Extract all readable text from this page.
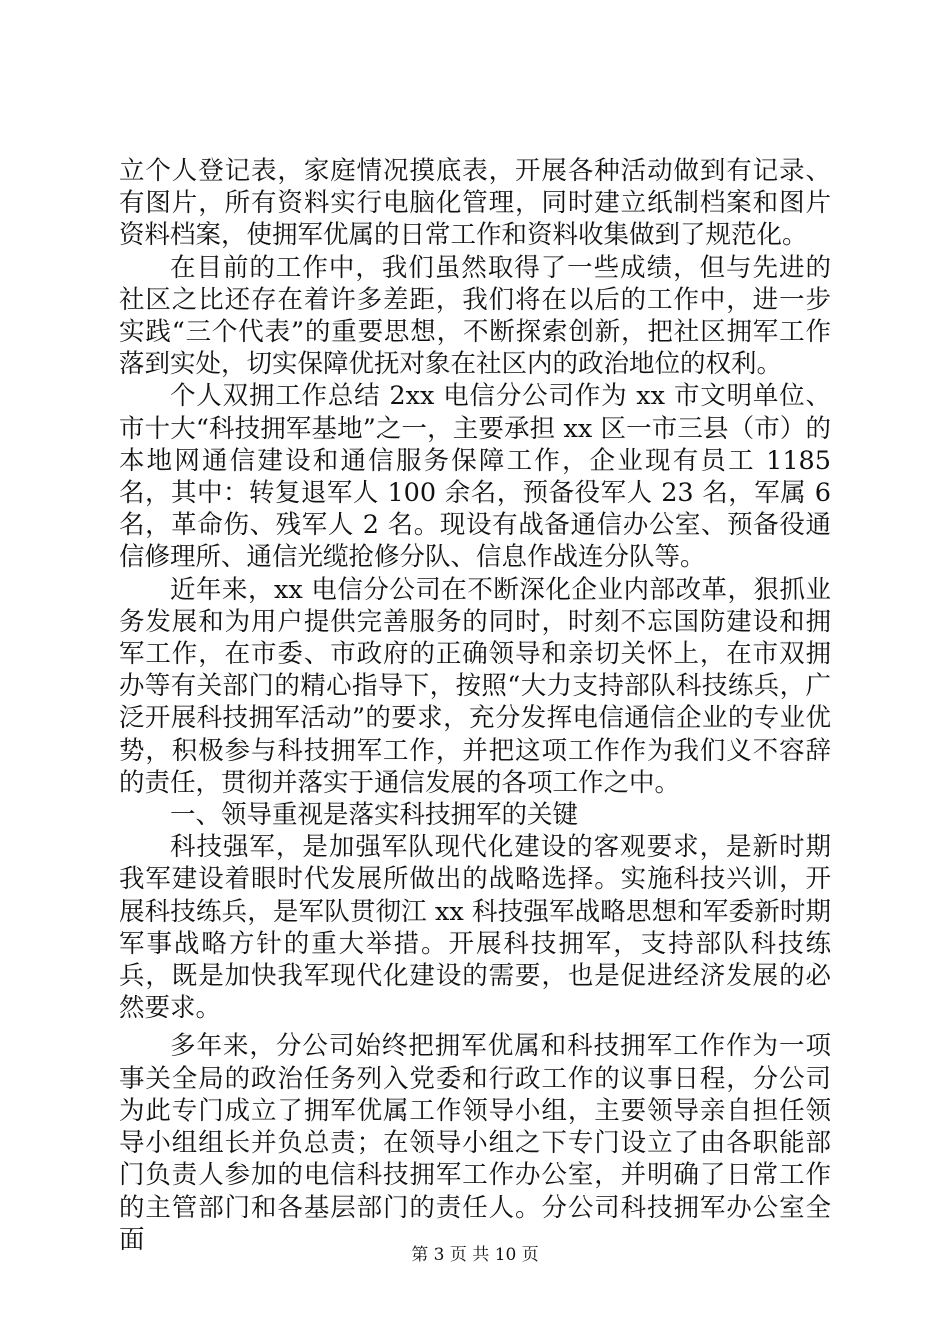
立个人登记表，家庭情况摸底表，开展各种活动做到有记录、有图片，所有资料实行电脑化管理，同时建立纸制档案和图片资料档案，使拥军优属的日常工作和资料收集做到了规范化。

在目前的工作中，我们虽然取得了一些成绩，但与先进的社区之比还存在着许多差距，我们将在以后的工作中，进一步实践“三个代表”的重要思想，不断探索创新，把社区拥军工作落到实处，切实保障优抚对象在社区内的政治地位的权利。

个人双拥工作总结 2xx 电信分公司作为 xx 市文明单位、市十大“科技拥军基地”之一，主要承担 xx 区一市三县（市）的本地网通信建设和通信服务保障工作，企业现有员工 1185 名，其中：转复退军人 100 余名，预备役军人 23 名，军属 6 名，革命伤、残军人 2 名。现设有战备通信办公室、预备役通信修理所、通信光缆抢修分队、信息作战连分队等。

近年来，xx 电信分公司在不断深化企业内部改革，狠抓业务发展和为用户提供完善服务的同时，时刻不忘国防建设和拥军工作，在市委、市政府的正确领导和亲切关怀上，在市双拥办等有关部门的精心指导下，按照“大力支持部队科技练兵，广泛开展科技拥军活动”的要求，充分发挥电信通信企业的专业优势，积极参与科技拥军工作，并把这项工作作为我们义不容辞的责任，贯彻并落实于通信发展的各项工作之中。

一、领导重视是落实科技拥军的关键

科技强军，是加强军队现代化建设的客观要求，是新时期我军建设着眼时代发展所做出的战略选择。实施科技兴训，开展科技练兵，是军队贯彻江 xx 科技强军战略思想和军委新时期军事战略方针的重大举措。开展科技拥军，支持部队科技练兵，既是加快我军现代化建设的需要，也是促进经济发展的必然要求。

多年来，分公司始终把拥军优属和科技拥军工作作为一项事关全局的政治任务列入党委和行政工作的议事日程，分公司为此专门成立了拥军优属工作领导小组，主要领导亲自担任领导小组组长并负总责；在领导小组之下专门设立了由各职能部门负责人参加的电信科技拥军工作办公室，并明确了日常工作的主管部门和各基层部门的责任人。分公司科技拥军办公室全面

第 3 页 共 10 页
